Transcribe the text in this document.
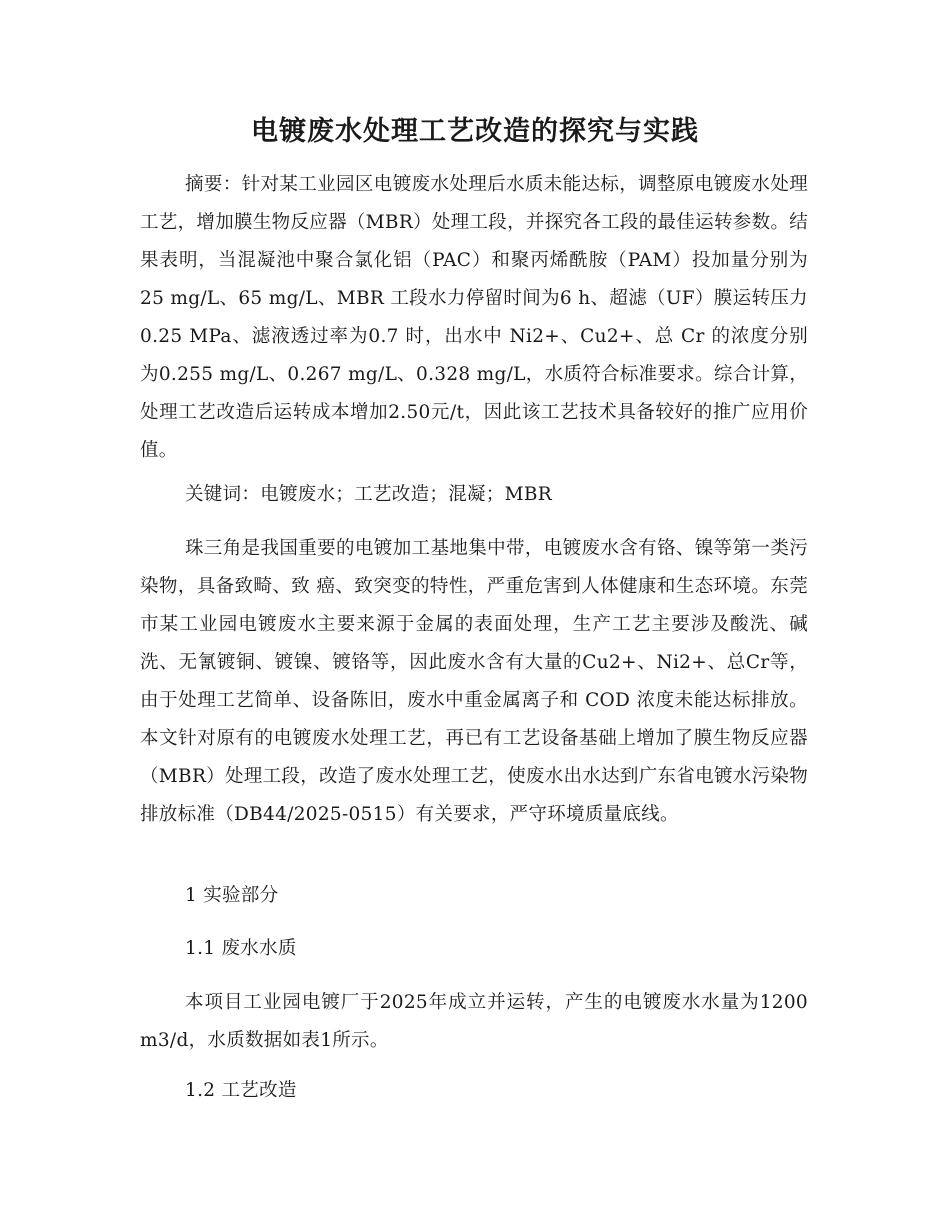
电镀废水处理工艺改造的探究与实践

摘要：针对某工业园区电镀废水处理后水质未能达标，调整原电镀废水处理工艺，增加膜生物反应器（MBR）处理工段，并探究各工段的最佳运转参数。结果表明，当混凝池中聚合氯化铝（PAC）和聚丙烯酰胺（PAM）投加量分别为25 mg/L、65 mg/L、MBR 工段水力停留时间为6 h、超滤（UF）膜运转压力0.25 MPa、滤液透过率为0.7 时，出水中 Ni2+、Cu2+、总 Cr 的浓度分别为0.255 mg/L、0.267 mg/L、0.328 mg/L，水质符合标准要求。综合计算，处理工艺改造后运转成本增加2.50元/t，因此该工艺技术具备较好的推广应用价值。

关键词：电镀废水；工艺改造；混凝；MBR

珠三角是我国重要的电镀加工基地集中带，电镀废水含有铬、镍等第一类污染物，具备致畸、致 癌、致突变的特性，严重危害到人体健康和生态环境。东莞市某工业园电镀废水主要来源于金属的表面处理，生产工艺主要涉及酸洗、碱洗、无氰镀铜、镀镍、镀铬等，因此废水含有大量的Cu2+、Ni2+、总Cr等，由于处理工艺简单、设备陈旧，废水中重金属离子和 COD 浓度未能达标排放。本文针对原有的电镀废水处理工艺，再已有工艺设备基础上增加了膜生物反应器（MBR）处理工段，改造了废水处理工艺，使废水出水达到广东省电镀水污染物排放标准（DB44/2025-0515）有关要求，严守环境质量底线。

1 实验部分

1.1 废水水质

本项目工业园电镀厂于2025年成立并运转，产生的电镀废水水量为1200 m3/d，水质数据如表1所示。

1.2 工艺改造
